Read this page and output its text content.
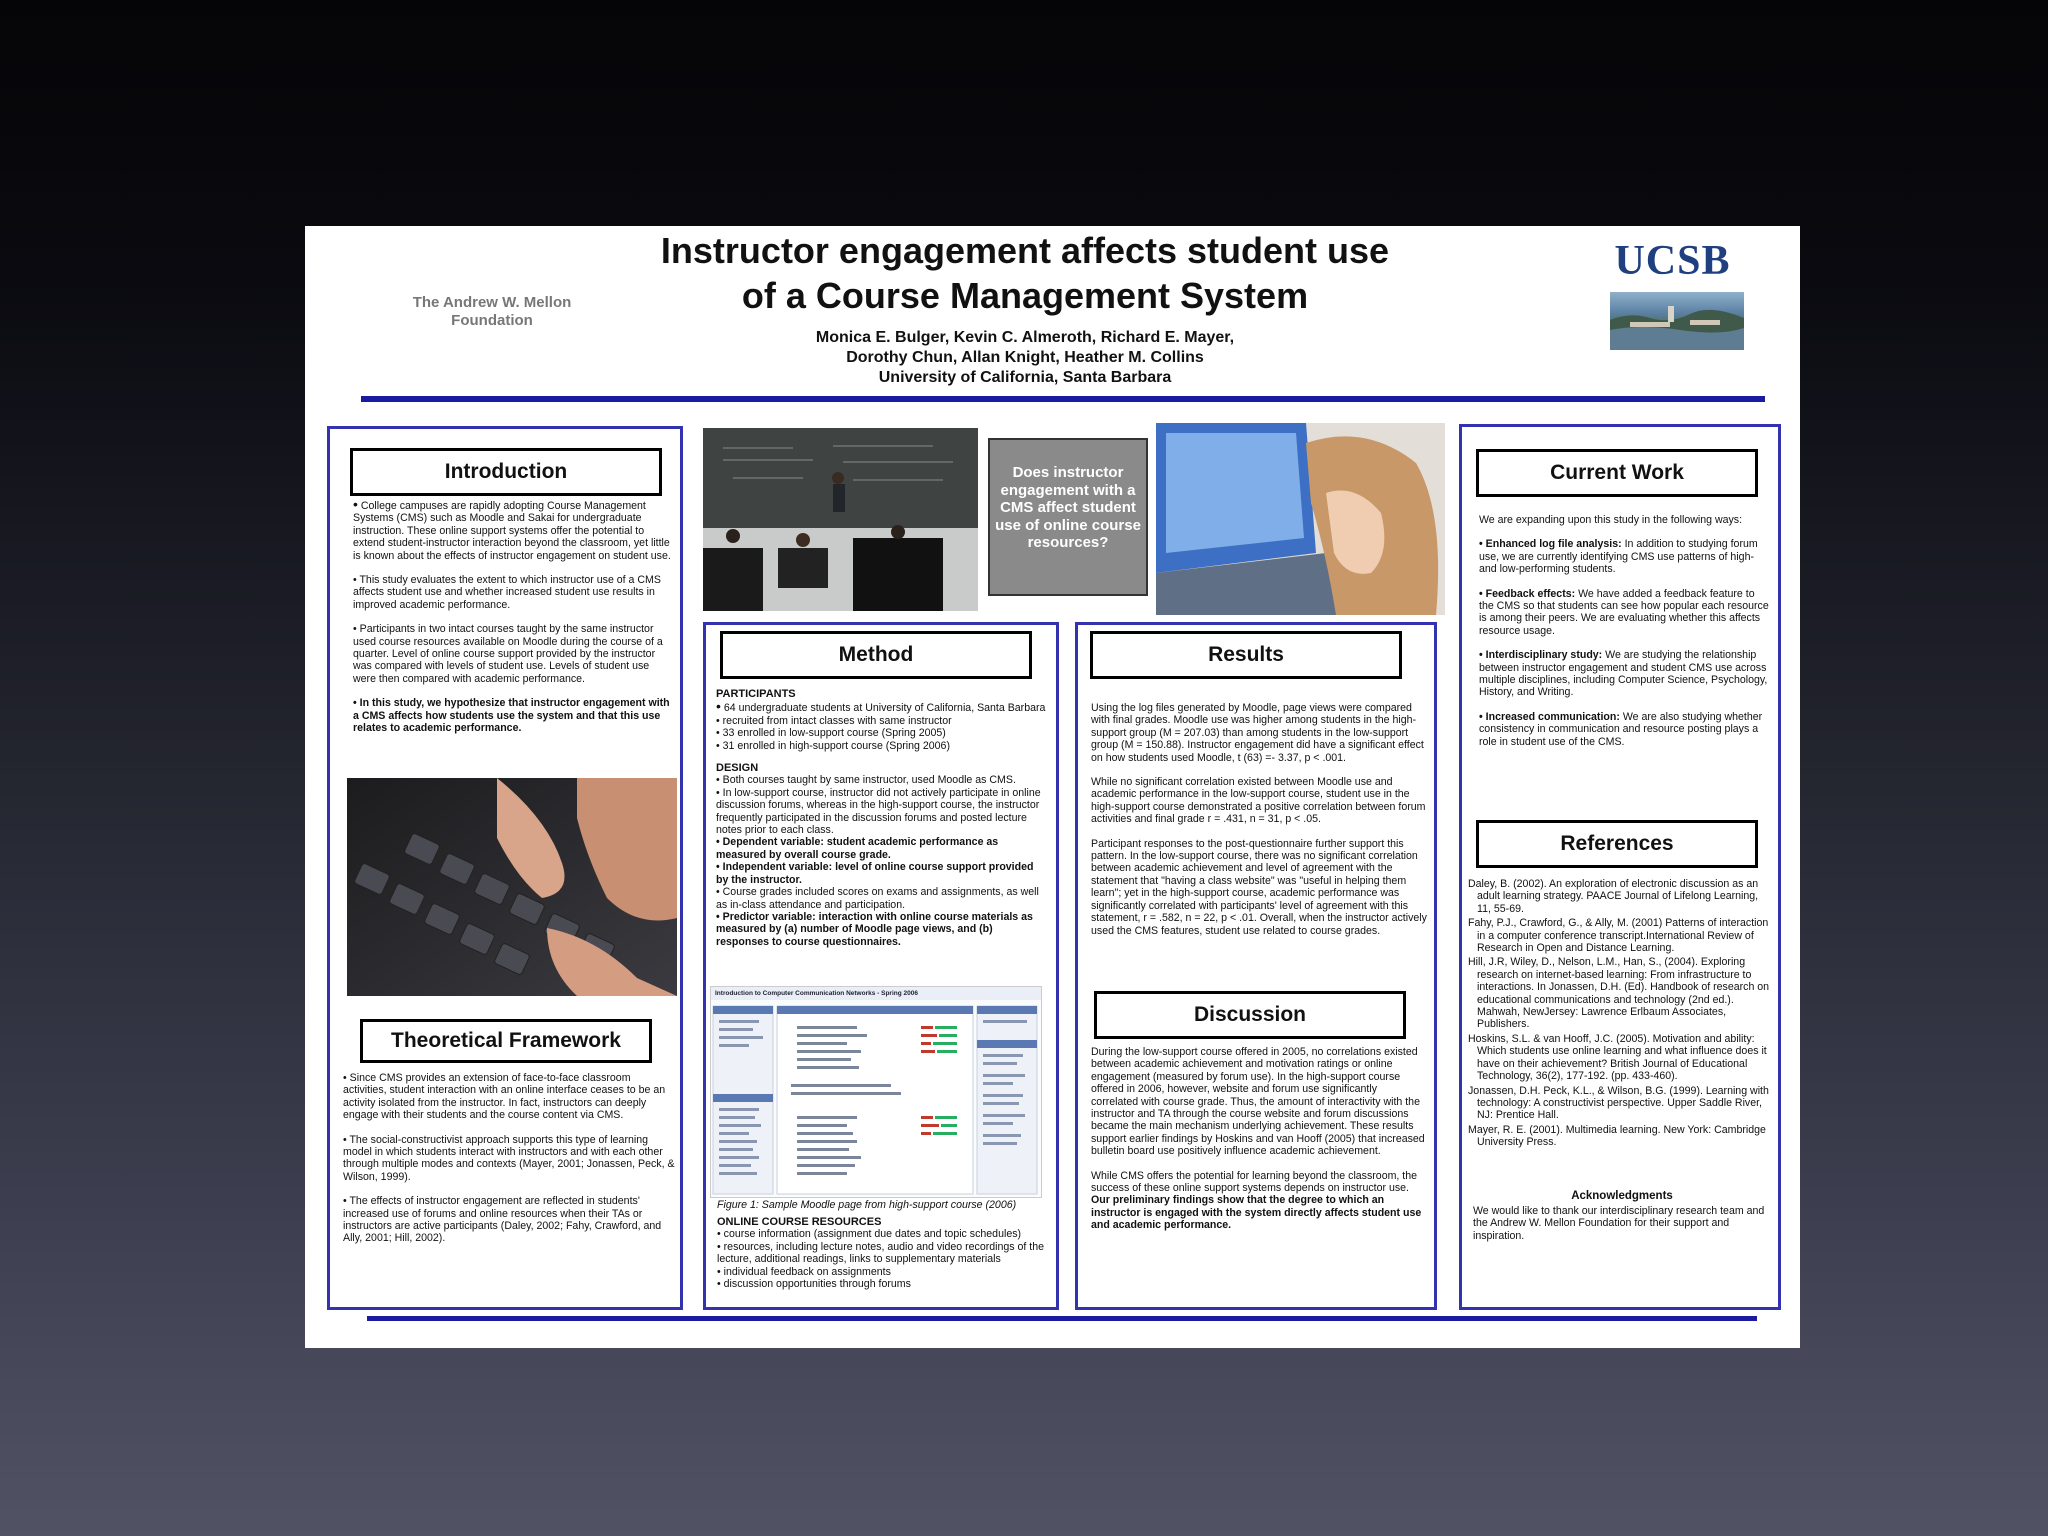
The Andrew W. Mellon Foundation
Instructor engagement affects student use
of a Course Management System
Monica E. Bulger, Kevin C. Almeroth, Richard E. Mayer,
Dorothy Chun, Allan Knight, Heather M. Collins
University of California, Santa Barbara
UCSB
Introduction

• College campuses are rapidly adopting Course Management Systems (CMS) such as Moodle and Sakai for undergraduate instruction. These online support systems offer the potential to extend student-instructor interaction beyond the classroom, yet little is known about the effects of instructor engagement on student use.

• This study evaluates the extent to which instructor use of a CMS affects student use and whether increased student use results in improved academic performance.

• Participants in two intact courses taught by the same instructor used course resources available on Moodle during the course of a quarter. Level of online course support provided by the instructor was compared with levels of student use. Levels of student use were then compared with academic performance.

• In this study, we hypothesize that instructor engagement with a CMS affects how students use the system and that this use relates to academic performance.

Theoretical Framework

• Since CMS provides an extension of face-to-face classroom activities, student interaction with an online interface ceases to be an activity isolated from the instructor. In fact, instructors can deeply engage with their students and the course content via CMS.

• The social-constructivist approach supports this type of learning model in which students interact with instructors and with each other through multiple modes and contexts (Mayer, 2001; Jonassen, Peck, & Wilson, 1999).

• The effects of instructor engagement are reflected in students' increased use of forums and online resources when their TAs or instructors are active participants (Daley, 2002; Fahy, Crawford, and Ally, 2001; Hill, 2002).

Does instructor engagement with a CMS affect student use of online course resources?
Method
PARTICIPANTS
• 64 undergraduate students at University of California, Santa Barbara
• recruited from intact classes with same instructor
• 33 enrolled in low-support course (Spring 2005)
• 31 enrolled in high-support course (Spring 2006)
DESIGN
• Both courses taught by same instructor, used Moodle as CMS.
• In low-support course, instructor did not actively participate in online discussion forums, whereas in the high-support course, the instructor frequently participated in the discussion forums and posted lecture notes prior to each class.
• Dependent variable: student academic performance as measured by overall course grade.
• Independent variable: level of online course support provided by the instructor.
• Course grades included scores on exams and assignments, as well as in-class attendance and participation.
• Predictor variable: interaction with online course materials as measured by (a) number of Moodle page views, and (b) responses to course questionnaires.
Introduction to Computer Communication Networks - Spring 2006
Figure 1: Sample Moodle page from high-support course (2006)
ONLINE COURSE RESOURCES
• course information (assignment due dates and topic schedules)
• resources, including lecture notes, audio and video recordings of the lecture, additional readings, links to supplementary materials
• individual feedback on assignments
• discussion opportunities through forums
Results

Using the log files generated by Moodle, page views were compared with final grades. Moodle use was higher among students in the high-support group (M = 207.03) than among students in the low-support group (M = 150.88). Instructor engagement did have a significant effect on how students used Moodle, t (63) =- 3.37, p < .001.

While no significant correlation existed between Moodle use and academic performance in the low-support course, student use in the high-support course demonstrated a positive correlation between forum activities and final grade r = .431, n = 31, p < .05.

Participant responses to the post-questionnaire further support this pattern. In the low-support course, there was no significant correlation between academic achievement and level of agreement with the statement that "having a class website" was "useful in helping them learn"; yet in the high-support course, academic performance was significantly correlated with participants' level of agreement with this statement, r = .582, n = 22, p < .01. Overall, when the instructor actively used the CMS features, student use related to course grades.

Discussion

During the low-support course offered in 2005, no correlations existed between academic achievement and motivation ratings or online engagement (measured by forum use). In the high-support course offered in 2006, however, website and forum use significantly correlated with course grade. Thus, the amount of interactivity with the instructor and TA through the course website and forum discussions became the main mechanism underlying achievement. These results support earlier findings by Hoskins and van Hooff (2005) that increased bulletin board use positively influence academic achievement.

While CMS offers the potential for learning beyond the classroom, the success of these online support systems depends on instructor use. Our preliminary findings show that the degree to which an instructor is engaged with the system directly affects student use and academic performance.

Current Work

We are expanding upon this study in the following ways:

• Enhanced log file analysis: In addition to studying forum use, we are currently identifying CMS use patterns of high- and low-performing students.

• Feedback effects: We have added a feedback feature to the CMS so that students can see how popular each resource is among their peers. We are evaluating whether this affects resource usage.

• Interdisciplinary study: We are studying the relationship between instructor engagement and student CMS use across multiple disciplines, including Computer Science, Psychology, History, and Writing.

• Increased communication: We are also studying whether consistency in communication and resource posting plays a role in student use of the CMS.

References

Daley, B. (2002). An exploration of electronic discussion as an adult learning strategy. PAACE Journal of Lifelong Learning, 11, 55-69.

Fahy, P.J., Crawford, G., & Ally, M. (2001) Patterns of interaction in a computer conference transcript.International Review of Research in Open and Distance Learning.

Hill, J.R, Wiley, D., Nelson, L.M., Han, S., (2004). Exploring research on internet-based learning: From infrastructure to interactions. In Jonassen, D.H. (Ed). Handbook of research on educational communications and technology (2nd ed.). Mahwah, NewJersey: Lawrence Erlbaum Associates, Publishers.

Hoskins, S.L. & van Hooff, J.C. (2005). Motivation and ability: Which students use online learning and what influence does it have on their achievement? British Journal of Educational Technology, 36(2), 177-192. (pp. 433-460).

Jonassen, D.H. Peck, K.L., & Wilson, B.G. (1999). Learning with technology: A constructivist perspective. Upper Saddle River, NJ: Prentice Hall.

Mayer, R. E. (2001). Multimedia learning. New York: Cambridge University Press.

Acknowledgments
We would like to thank our interdisciplinary research team and the Andrew W. Mellon Foundation for their support and inspiration.
